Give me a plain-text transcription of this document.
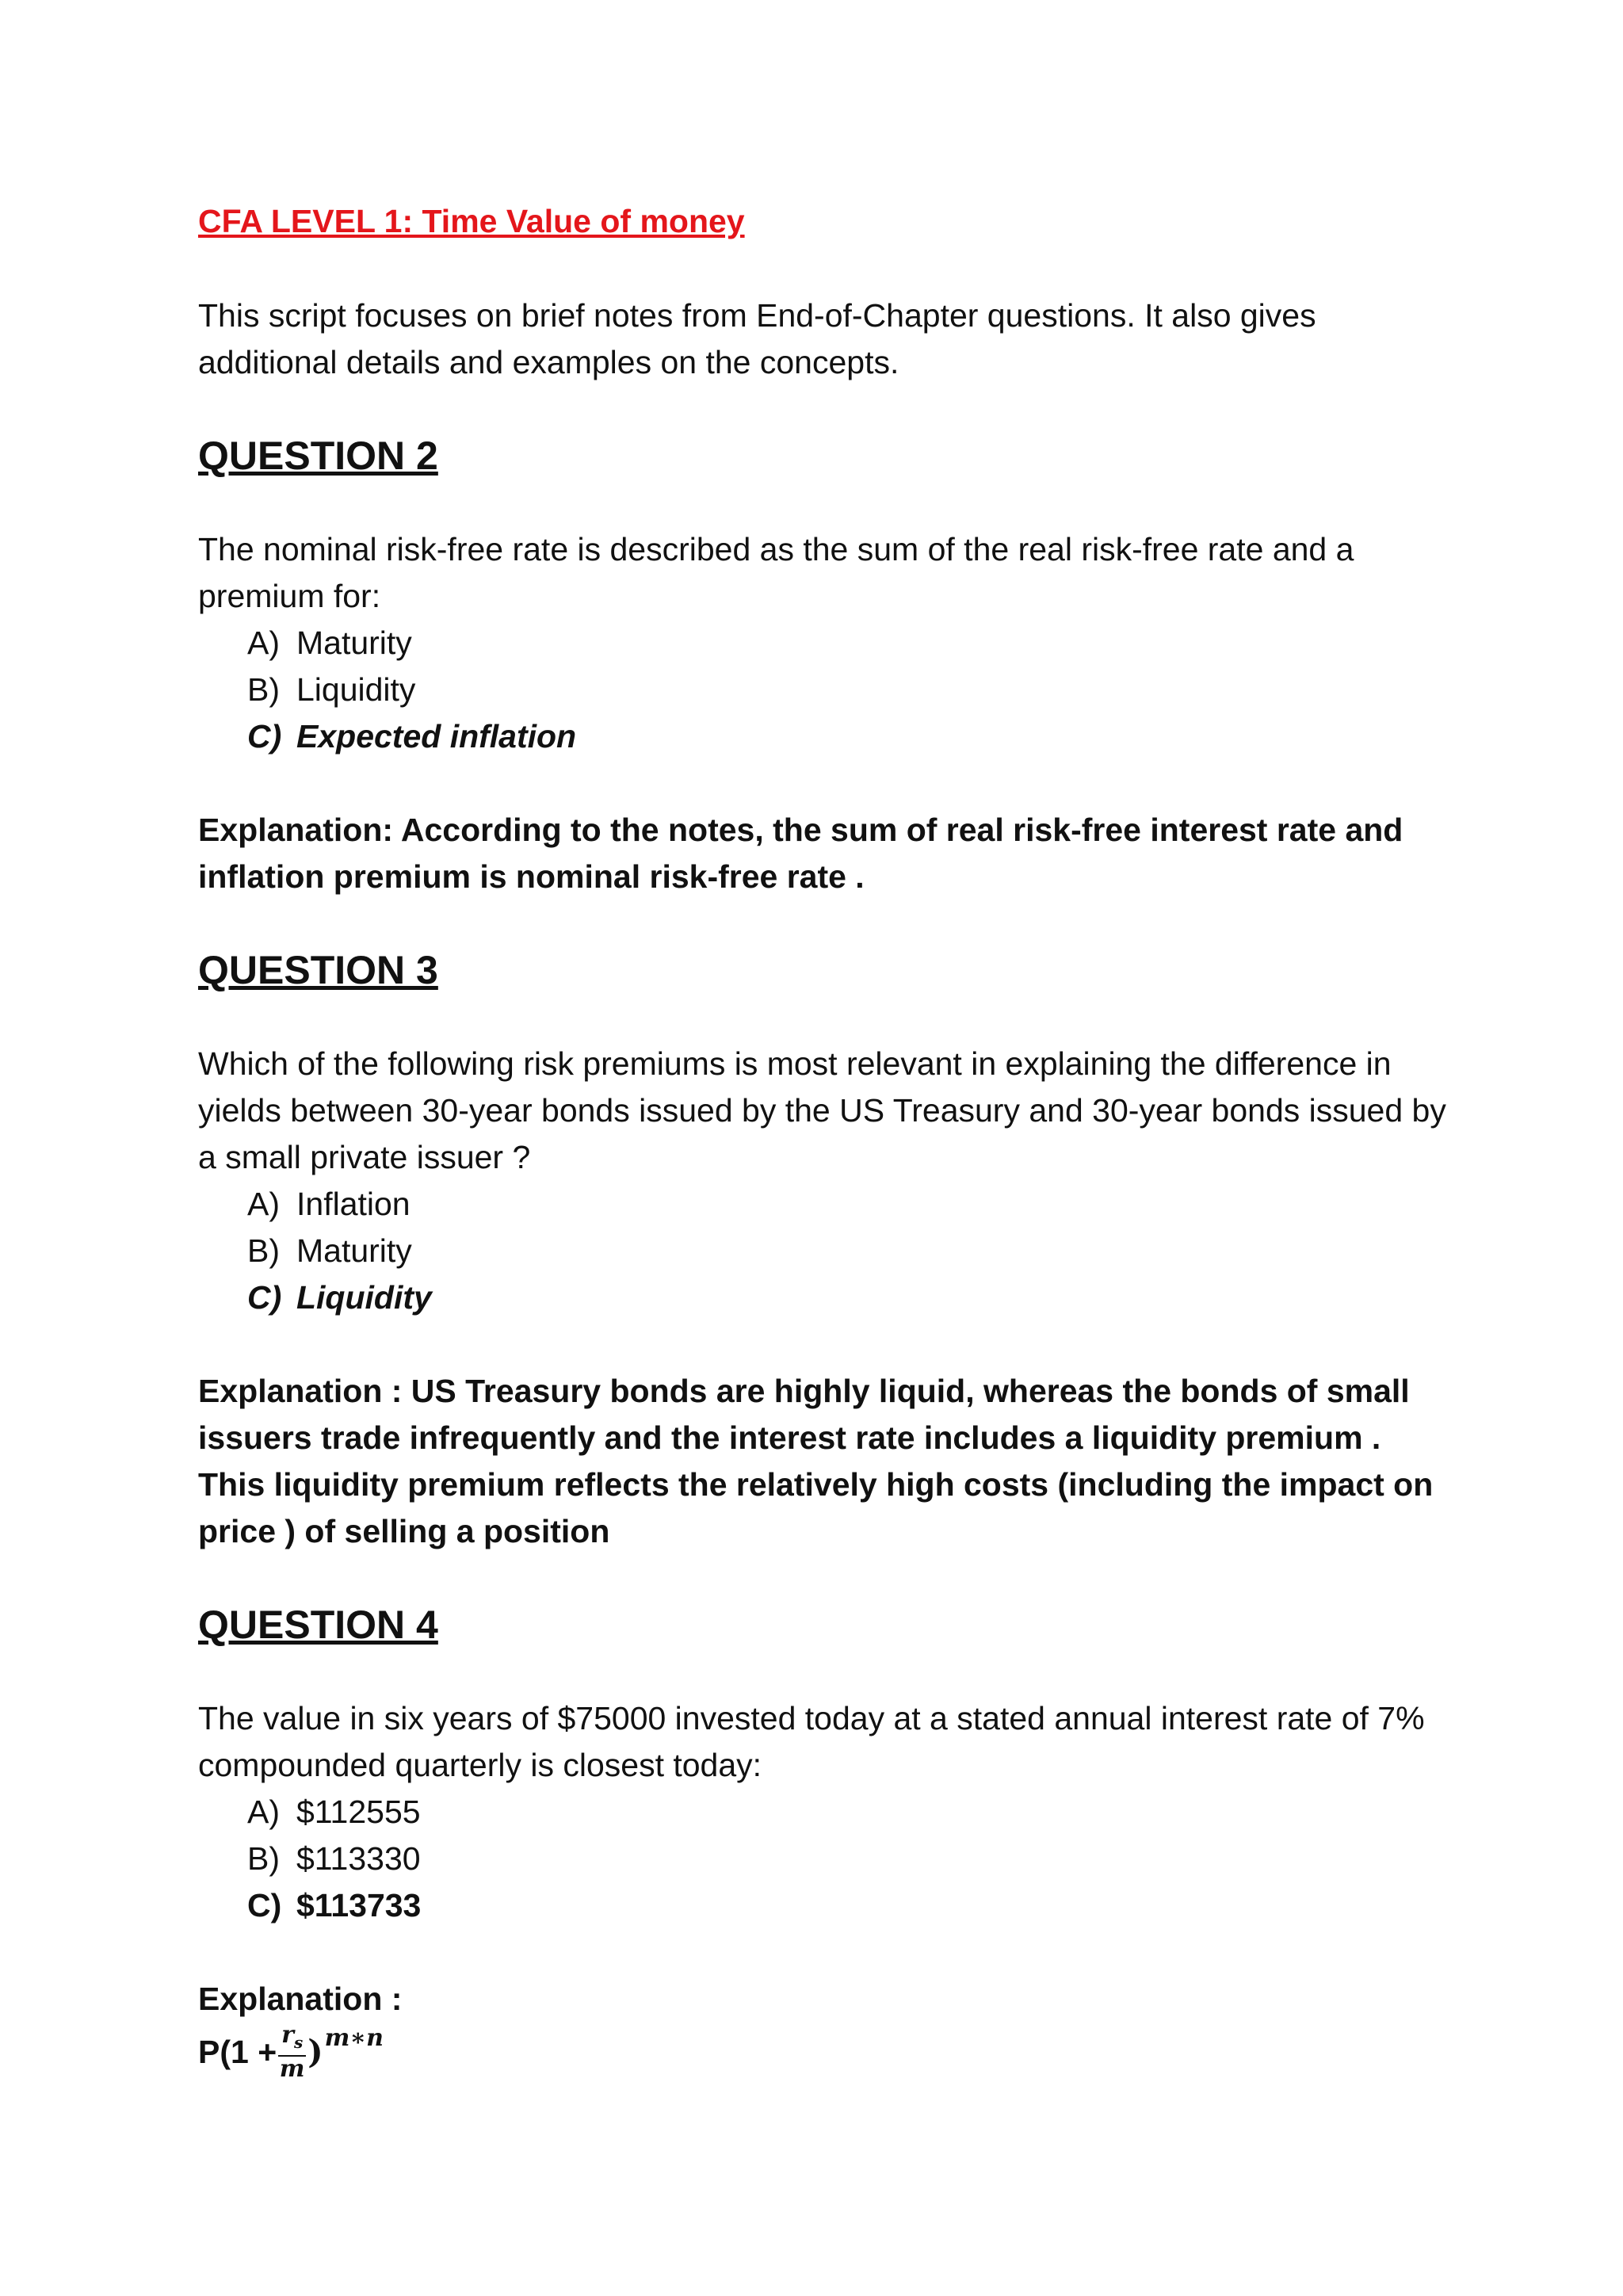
CFA LEVEL 1: Time Value of money

This script focuses on brief notes from End-of-Chapter questions. It also gives additional details and examples on the concepts.

QUESTION 2

The nominal risk-free rate is described as the sum of the real risk-free rate and a premium for:

A) Maturity
B) Liquidity
C) Expected inflation

Explanation: According to the notes, the sum of real risk-free interest rate and inflation premium is nominal risk-free rate .

QUESTION 3

Which of the following risk premiums is most relevant in explaining the difference in yields between 30-year bonds issued by the US Treasury and 30-year bonds issued by a small private issuer ?

A) Inflation
B) Maturity
C) Liquidity

Explanation : US Treasury bonds are highly liquid, whereas the bonds of small issuers trade infrequently and the interest rate includes a liquidity premium . This liquidity premium reflects the relatively high costs (including the impact on price ) of selling a position

QUESTION 4

The value in six years of $75000 invested today at a stated annual interest rate of 7% compounded quarterly is closest today:

A) $112555
B) $113330
C) $113733

Explanation :

$P(1 + \frac{r_s}{m}$ ) m∗n
